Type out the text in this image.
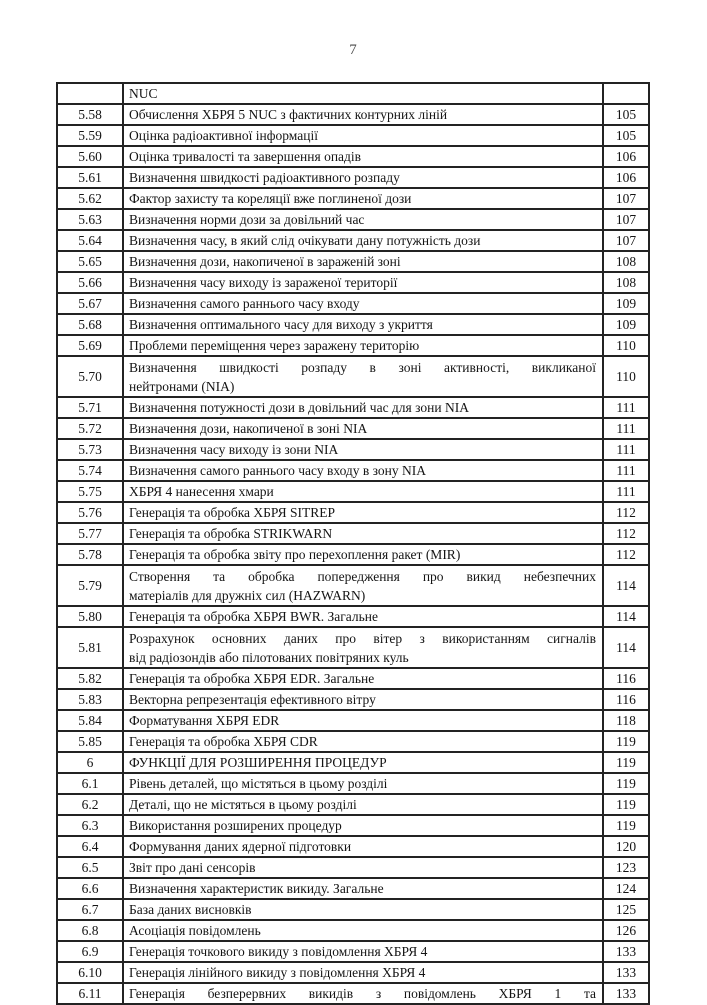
7
	NUC	
5.58	Обчислення ХБРЯ 5 NUC з фактичних контурних ліній	105
5.59	Оцінка радіоактивної інформації	105
5.60	Оцінка тривалості та завершення опадів	106
5.61	Визначення швидкості радіоактивного розпаду	106
5.62	Фактор захисту та кореляції вже поглиненої дози	107
5.63	Визначення норми дози за довільний час	107
5.64	Визначення часу, в який слід очікувати дану потужність дози	107
5.65	Визначення дози, накопиченої в зараженій зоні	108
5.66	Визначення часу виходу із зараженої території	108
5.67	Визначення самого раннього часу входу	109
5.68	Визначення оптимального часу для виходу з укриття	109
5.69	Проблеми переміщення через заражену територію	110
5.70	Визначення швидкості розпаду в зоні активності, викликаної
нейтронами (NIA)	110
5.71	Визначення потужності дози в довільний час для зони NIA	111
5.72	Визначення дози, накопиченої в зоні NIA	111
5.73	Визначення часу виходу із зони NIA	111
5.74	Визначення самого раннього часу входу в зону NIA	111
5.75	ХБРЯ 4 нанесення хмари	111
5.76	Генерація та обробка ХБРЯ SITREP	112
5.77	Генерація та обробка STRIKWARN	112
5.78	Генерація та обробка звіту про перехоплення ракет (MIR)	112
5.79	Створення та обробка попередження про викид небезпечних
матеріалів для дружніх сил (HAZWARN)	114
5.80	Генерація та обробка ХБРЯ BWR. Загальне	114
5.81	Розрахунок основних даних про вітер з використанням сигналів
від радіозондів або пілотованих повітряних куль	114
5.82	Генерація та обробка ХБРЯ EDR. Загальне	116
5.83	Векторна репрезентація ефективного вітру	116
5.84	Форматування ХБРЯ EDR	118
5.85	Генерація та обробка ХБРЯ CDR	119
6	ФУНКЦІЇ ДЛЯ РОЗШИРЕННЯ ПРОЦЕДУР	119
6.1	Рівень деталей, що містяться в цьому розділі	119
6.2	Деталі, що не містяться в цьому розділі	119
6.3	Використання розширених процедур	119
6.4	Формування даних ядерної підготовки	120
6.5	Звіт про дані сенсорів	123
6.6	Визначення характеристик викиду. Загальне	124
6.7	База даних висновків	125
6.8	Асоціація повідомлень	126
6.9	Генерація точкового викиду з повідомлення ХБРЯ 4	133
6.10	Генерація лінійного викиду з повідомлення ХБРЯ 4	133
6.11	Генерація безперервних викидів з повідомлень ХБРЯ 1 та	133
